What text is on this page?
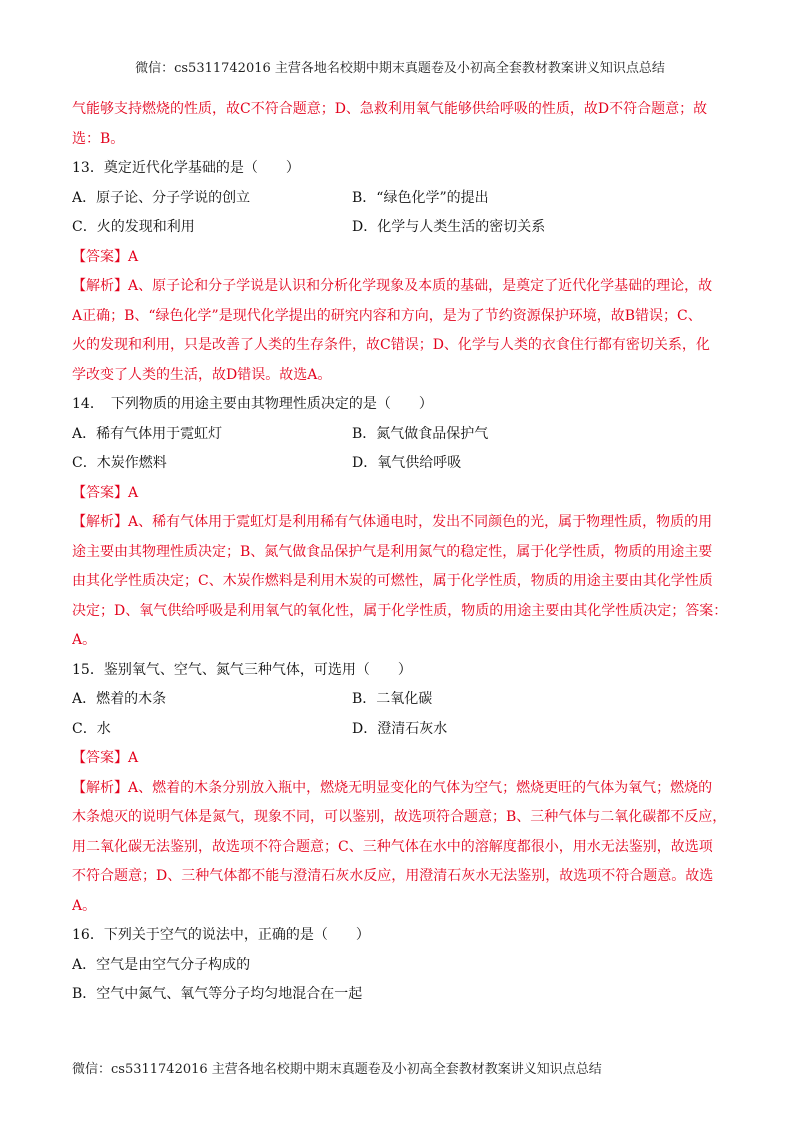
微信：cs5311742016 主营各地名校期中期末真题卷及小初高全套教材教案讲义知识点总结
气能够支持燃烧的性质，故C不符合题意；D、急救利用氧气能够供给呼吸的性质，故D不符合题意；故
选：B。
13．奠定近代化学基础的是（　　）
A．原子论、分子学说的创立	B．“绿色化学”的提出
C．火的发现和利用	D．化学与人类生活的密切关系
【答案】A
【解析】A、原子论和分子学说是认识和分析化学现象及本质的基础，是奠定了近代化学基础的理论，故
A正确；B、“绿色化学”是现代化学提出的研究内容和方向，是为了节约资源保护环境，故B错误；C、
火的发现和利用，只是改善了人类的生存条件，故C错误；D、化学与人类的衣食住行都有密切关系，化
学改变了人类的生活，故D错误。故选A。
14．　下列物质的用途主要由其物理性质决定的是（　　）
A．稀有气体用于霓虹灯	B．氮气做食品保护气
C．木炭作燃料	D．氧气供给呼吸
【答案】A
【解析】A、稀有气体用于霓虹灯是利用稀有气体通电时，发出不同颜色的光，属于物理性质，物质的用
途主要由其物理性质决定；B、氮气做食品保护气是利用氮气的稳定性，属于化学性质，物质的用途主要
由其化学性质决定；C、木炭作燃料是利用木炭的可燃性，属于化学性质，物质的用途主要由其化学性质
决定；D、氧气供给呼吸是利用氧气的氧化性，属于化学性质，物质的用途主要由其化学性质决定；答案：
A。
15．鉴别氧气、空气、氮气三种气体，可选用（　　）
A．燃着的木条	B．二氧化碳
C．水	D．澄清石灰水
【答案】A
【解析】A、燃着的木条分别放入瓶中，燃烧无明显变化的气体为空气；燃烧更旺的气体为氧气；燃烧的
木条熄灭的说明气体是氮气，现象不同，可以鉴别，故选项符合题意；B、三种气体与二氧化碳都不反应，
用二氧化碳无法鉴别，故选项不符合题意；C、三种气体在水中的溶解度都很小，用水无法鉴别，故选项
不符合题意；D、三种气体都不能与澄清石灰水反应，用澄清石灰水无法鉴别，故选项不符合题意。故选
A。
16．下列关于空气的说法中，正确的是（　　）
A．空气是由空气分子构成的
B．空气中氮气、氧气等分子均匀地混合在一起
微信：cs5311742016 主营各地名校期中期末真题卷及小初高全套教材教案讲义知识点总结
